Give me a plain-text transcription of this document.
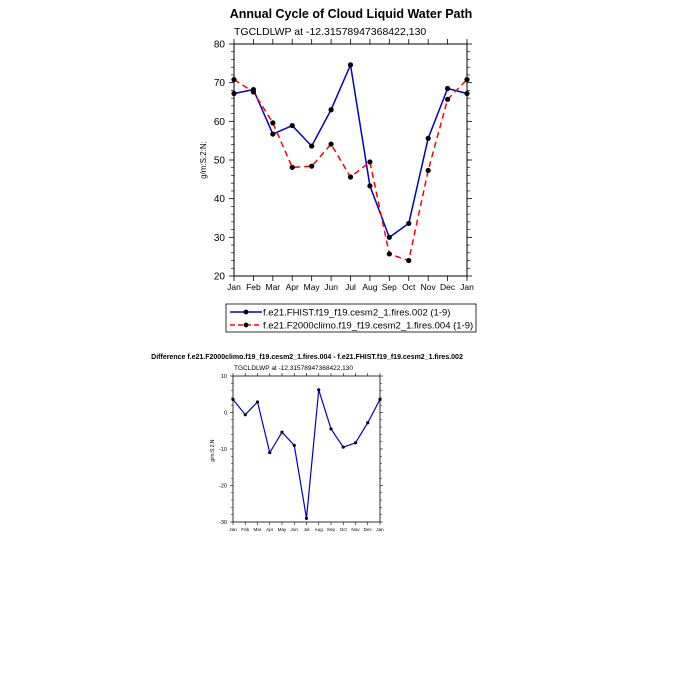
Annual Cycle of Cloud Liquid Water Path
TGCLDLWP at -12.31578947368422,130
g/m:S:2:N:
20
30
40
50
60
70
80
Jan Feb Mar Apr May Jun Jul Aug Sep Oct Nov Dec Jan
f.e21.FHIST.f19_f19.cesm2_1.fires.002 (1-9)
f.e21.F2000climo.f19_f19.cesm2_1.fires.004 (1-9)
Difference f.e21.F2000climo.f19_f19.cesm2_1.fires.004 - f.e21.FHIST.f19_f19.cesm2_1.fires.002
TGCLDLWP at -12.31578947368422,130
g/m:S:2:N:
-30
-20
-10
0
10
Jan Feb Mar Apr May Jun Jul Aug Sep Oct Nov Dec Jan
